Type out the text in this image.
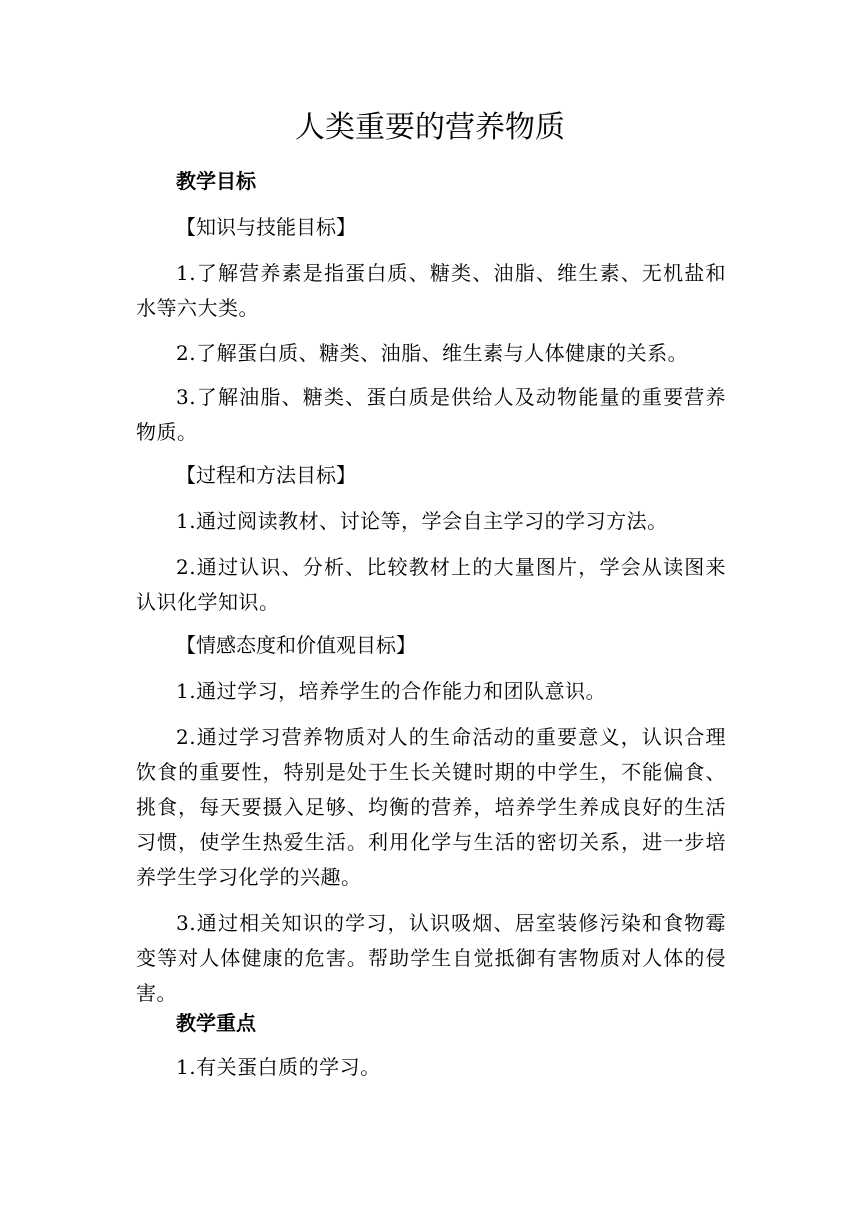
人类重要的营养物质
教学目标

【知识与技能目标】

1.了解营养素是指蛋白质、糖类、油脂、维生素、无机盐和水等六大类。

2.了解蛋白质、糖类、油脂、维生素与人体健康的关系。

3.了解油脂、糖类、蛋白质是供给人及动物能量的重要营养物质。

【过程和方法目标】

1.通过阅读教材、讨论等，学会自主学习的学习方法。

2.通过认识、分析、比较教材上的大量图片，学会从读图来认识化学知识。

【情感态度和价值观目标】

1.通过学习，培养学生的合作能力和团队意识。

2.通过学习营养物质对人的生命活动的重要意义，认识合理饮食的重要性，特别是处于生长关键时期的中学生，不能偏食、挑食，每天要摄入足够、均衡的营养，培养学生养成良好的生活习惯，使学生热爱生活。利用化学与生活的密切关系，进一步培养学生学习化学的兴趣。

3.通过相关知识的学习，认识吸烟、居室装修污染和食物霉变等对人体健康的危害。帮助学生自觉抵御有害物质对人体的侵害。

教学重点

1.有关蛋白质的学习。
